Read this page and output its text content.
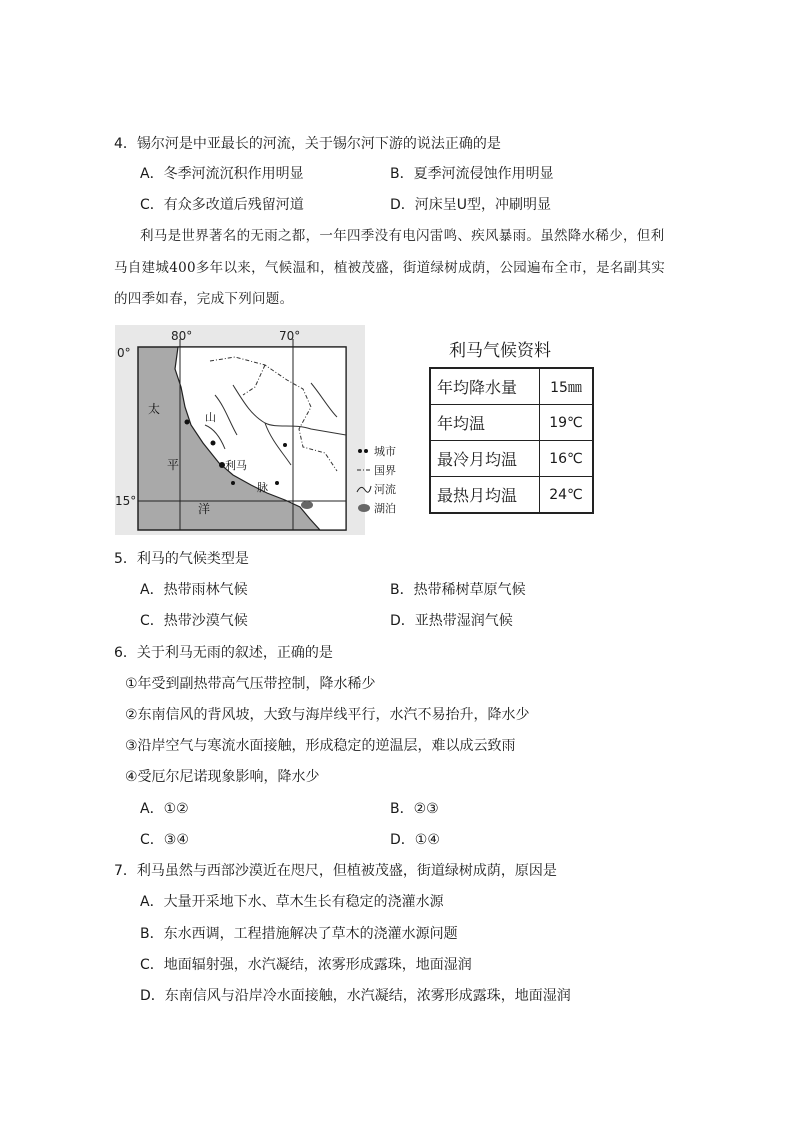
4．锡尔河是中亚最长的河流，关于锡尔河下游的说法正确的是
A．冬季河流沉积作用明显	B．夏季河流侵蚀作用明显
C．有众多改道后残留河道	D．河床呈U型，冲刷明显
利马是世界著名的无雨之都，一年四季没有电闪雷鸣、疾风暴雨。虽然降水稀少，但利
马自建城400多年以来，气候温和，植被茂盛，街道绿树成荫，公园遍布全市，是名副其实
的四季如春，完成下列问题。
80°	70°
0°
15°
太
平
洋
山
利马
脉
城市
国界
河流
湖泊
利马气候资料
年均降水量	15㎜
年均温	19℃
最冷月均温	16℃
最热月均温	24℃
5．利马的气候类型是
A．热带雨林气候	B．热带稀树草原气候
C．热带沙漠气候	D．亚热带湿润气候
6．关于利马无雨的叙述，正确的是
①年受到副热带高气压带控制，降水稀少
②东南信风的背风坡，大致与海岸线平行，水汽不易抬升，降水少
③沿岸空气与寒流水面接触，形成稳定的逆温层，难以成云致雨
④受厄尔尼诺现象影响，降水少
A．①②	B．②③
C．③④	D．①④
7．利马虽然与西部沙漠近在咫尺，但植被茂盛，街道绿树成荫，原因是
A．大量开采地下水、草木生长有稳定的浇灌水源
B．东水西调，工程措施解决了草木的浇灌水源问题
C．地面辐射强，水汽凝结，浓雾形成露珠，地面湿润
D．东南信风与沿岸冷水面接触，水汽凝结，浓雾形成露珠，地面湿润
